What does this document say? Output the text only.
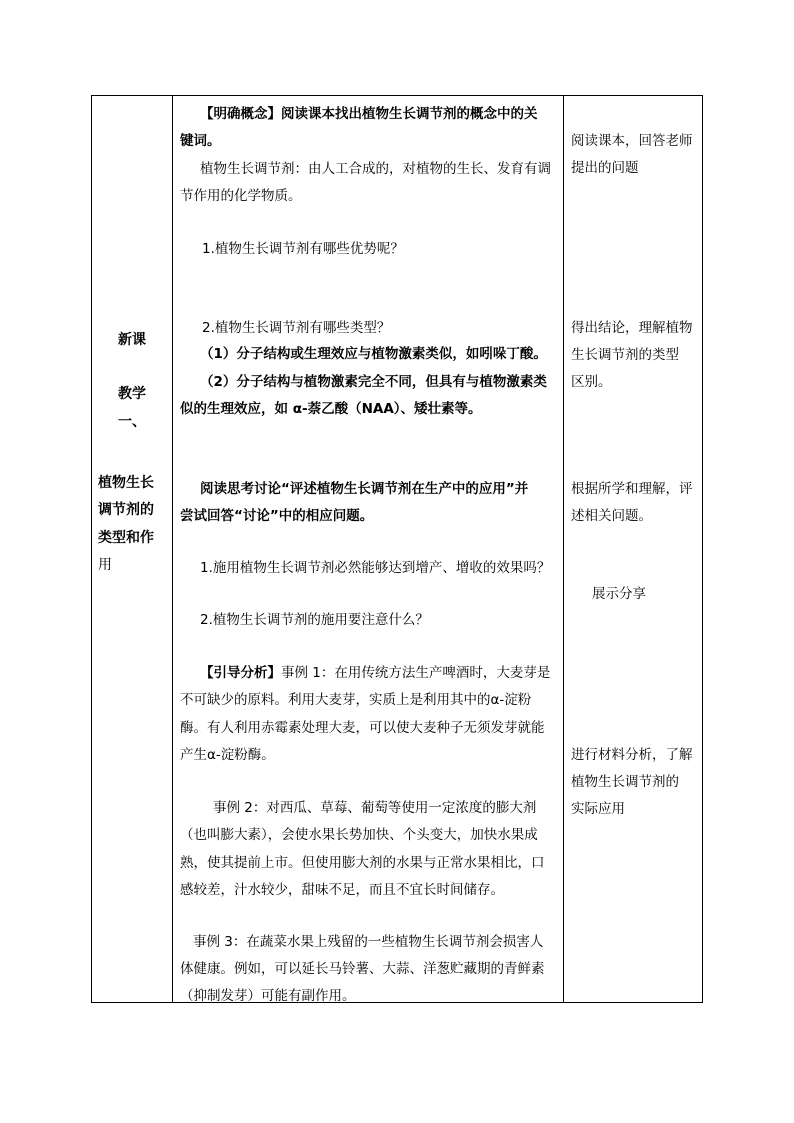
新课
教学
一、
植物生长
调节剂的
类型和作
用
【明确概念】阅读课本找出植物生长调节剂的概念中的关
键词。
植物生长调节剂：由人工合成的，对植物的生长、发育有调
节作用的化学物质。
1.植物生长调节剂有哪些优势呢？
2.植物生长调节剂有哪些类型？
（1）分子结构或生理效应与植物激素类似，如吲哚丁酸。
（2）分子结构与植物激素完全不同，但具有与植物激素类
似的生理效应，如 α-萘乙酸（NAA）、矮壮素等。
阅读思考讨论“评述植物生长调节剂在生产中的应用”并
尝试回答“讨论”中的相应问题。
1.施用植物生长调节剂必然能够达到增产、增收的效果吗？
2.植物生长调节剂的施用要注意什么？
【引导分析】事例 1：在用传统方法生产啤酒时，大麦芽是
不可缺少的原料。利用大麦芽，实质上是利用其中的α-淀粉
酶。有人利用赤霉素处理大麦，可以使大麦种子无须发芽就能
产生α-淀粉酶。
事例 2：对西瓜、草莓、葡萄等使用一定浓度的膨大剂
（也叫膨大素），会使水果长势加快、个头变大，加快水果成
熟，使其提前上市。但使用膨大剂的水果与正常水果相比，口
感较差，汁水较少，甜味不足，而且不宜长时间储存。
事例 3：在蔬菜水果上残留的一些植物生长调节剂会损害人
体健康。例如，可以延长马铃薯、大蒜、洋葱贮藏期的青鲜素
（抑制发芽）可能有副作用。
阅读课本，回答老师
提出的问题
得出结论，理解植物
生长调节剂的类型
区别。
根据所学和理解，评
述相关问题。
展示分享
进行材料分析，了解
植物生长调节剂的
实际应用
